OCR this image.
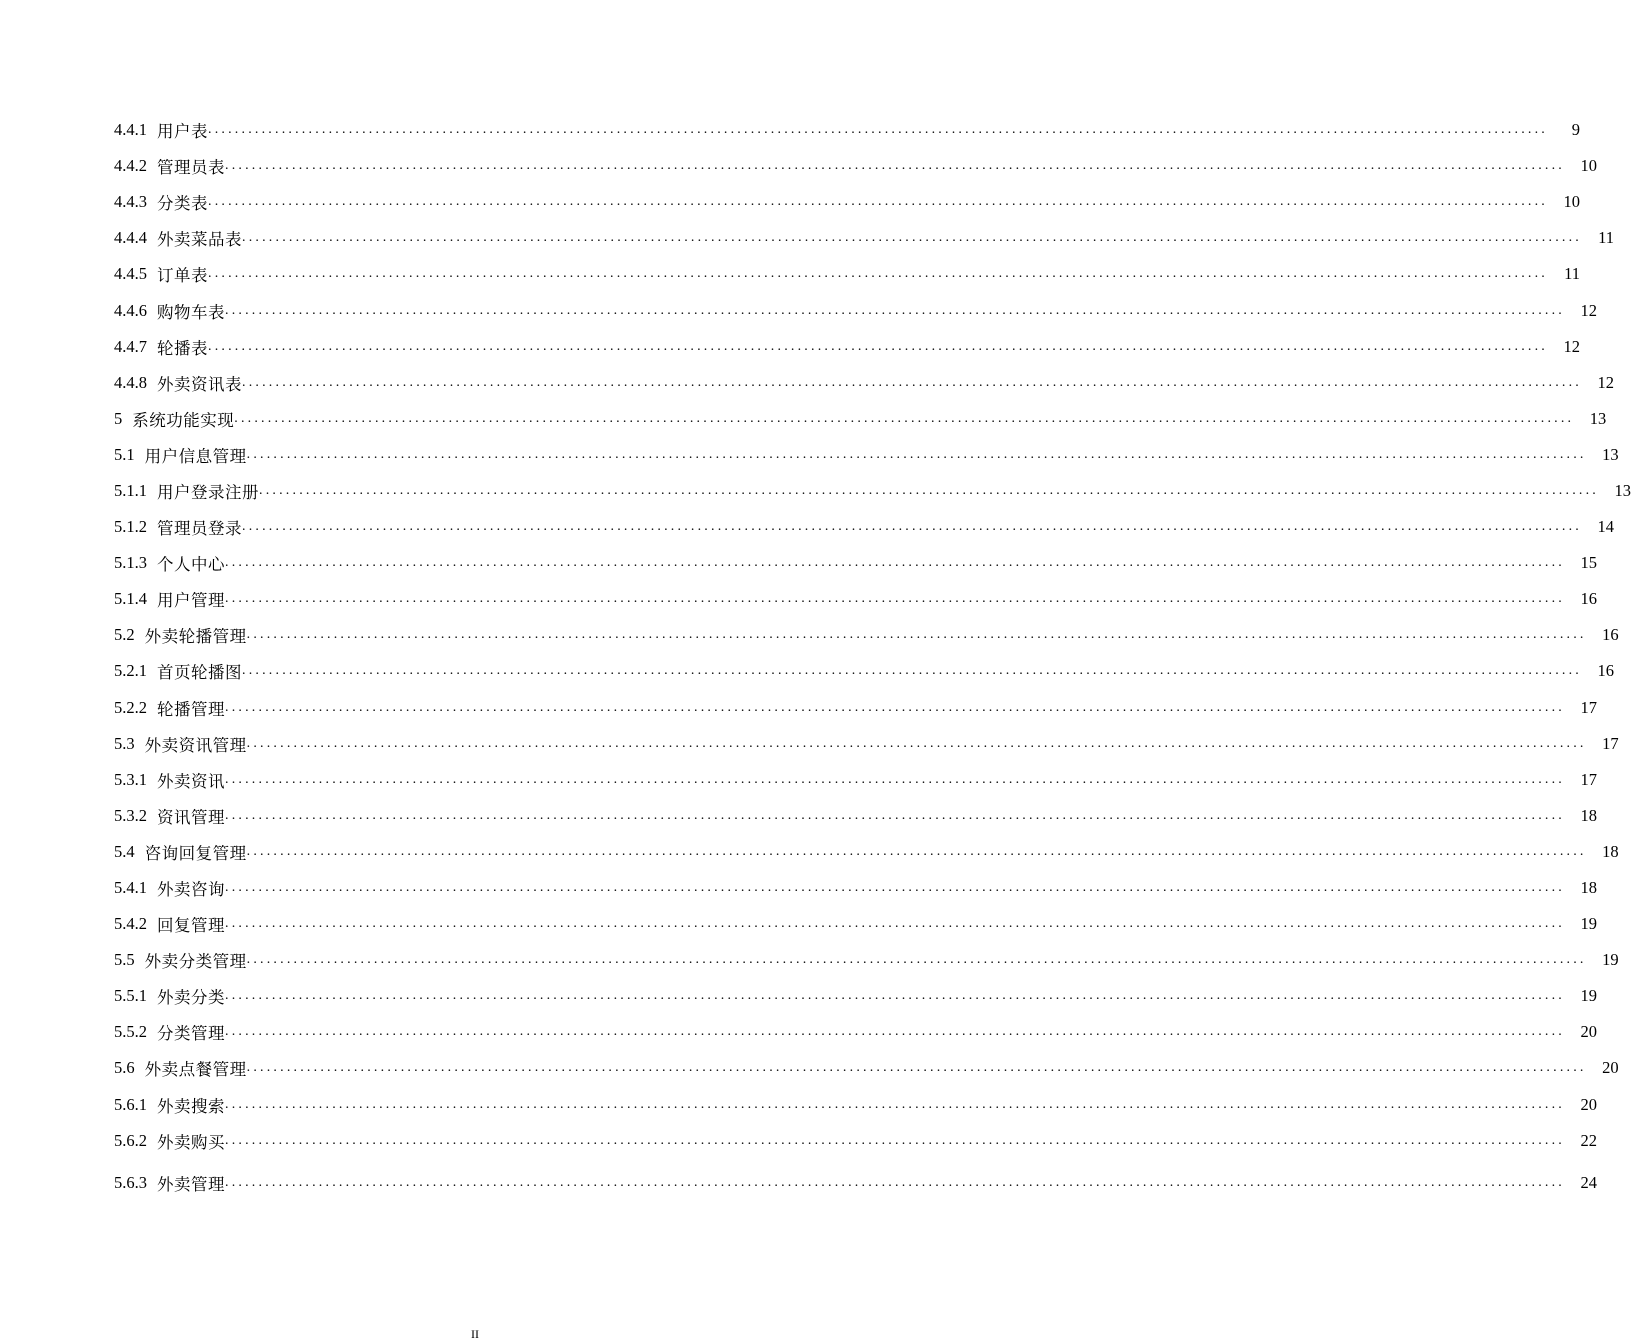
4.4.1 用户表 ........................................................................................................................................................................................................	9
4.4.2 管理员表 ........................................................................................................................................................................................................ 10
4.4.3 分类表 ........................................................................................................................................................................................................ 10
4.4.4 外卖菜品表 ........................................................................................................................................................................................................ 11
4.4.5 订单表 ........................................................................................................................................................................................................ 11
4.4.6 购物车表 ........................................................................................................................................................................................................ 12
4.4.7 轮播表 ........................................................................................................................................................................................................ 12
4.4.8 外卖资讯表 ........................................................................................................................................................................................................ 12
5 系统功能实现 ........................................................................................................................................................................................................ 13
5.1 用户信息管理 ........................................................................................................................................................................................................ 13
5.1.1 用户登录注册 ........................................................................................................................................................................................................ 13
5.1.2 管理员登录 ........................................................................................................................................................................................................ 14
5.1.3 个人中心 ........................................................................................................................................................................................................ 15
5.1.4 用户管理 ........................................................................................................................................................................................................ 16
5.2 外卖轮播管理 ........................................................................................................................................................................................................ 16
5.2.1 首页轮播图 ........................................................................................................................................................................................................ 16
5.2.2 轮播管理 ........................................................................................................................................................................................................ 17
5.3 外卖资讯管理 ........................................................................................................................................................................................................ 17
5.3.1 外卖资讯 ........................................................................................................................................................................................................ 17
5.3.2 资讯管理 ........................................................................................................................................................................................................ 18
5.4 咨询回复管理 ........................................................................................................................................................................................................ 18
5.4.1 外卖咨询 ........................................................................................................................................................................................................ 18
5.4.2 回复管理 ........................................................................................................................................................................................................ 19
5.5 外卖分类管理 ........................................................................................................................................................................................................ 19
5.5.1 外卖分类 ........................................................................................................................................................................................................ 19
5.5.2 分类管理 ........................................................................................................................................................................................................ 20
5.6 外卖点餐管理 ........................................................................................................................................................................................................ 20
5.6.1 外卖搜索 ........................................................................................................................................................................................................ 20
5.6.2 外卖购买 ........................................................................................................................................................................................................ 22
5.6.3 外卖管理 ........................................................................................................................................................................................................ 24
II
